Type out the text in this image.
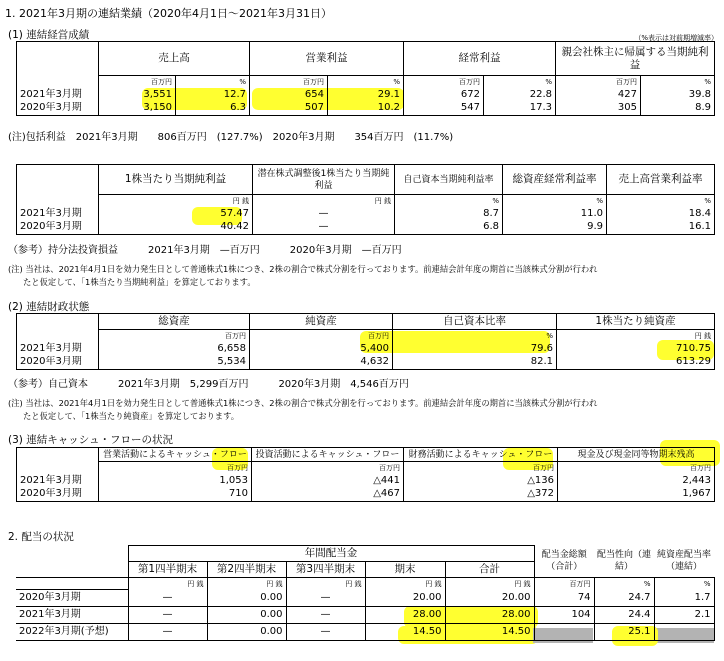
1. 2021年3月期の連結業績（2020年4月1日～2021年3月31日）
(1) 連結経営成績	（%表示は対前期増減率）
	売上高		営業利益		経常利益		親会社株主に帰属する当期純利益	
	百万円	%	百万円	%	百万円	%	百万円	%
2021年3月期	3,551	12.7	654	29.1	672	22.8	427	39.8
2020年3月期	3,150	6.3	507	10.2	547	17.3	305	8.9
(注)包括利益　2021年3月期　　806百万円　(127.7%)　2020年3月期　　354百万円　(11.7%)
	1株当たり当期純利益	潜在株式調整後1株当たり当期純利益	自己資本当期純利益率	総資産経常利益率	売上高営業利益率
	円 銭	円 銭	%	%	%
2021年3月期	57.47	—	8.7	11.0	18.4
2020年3月期	40.42	—	6.8	9.9	16.1
（参考）持分法投資損益　　　2021年3月期　—百万円　　　2020年3月期　—百万円
(注) 当社は、2021年4月1日を効力発生日として普通株式1株につき、2株の割合で株式分割を行っております。前連結会計年度の期首に当該株式分割が行われ
たと仮定して、「1株当たり当期純利益」を算定しております。
(2) 連結財政状態
	総資産	純資産	自己資本比率	1株当たり純資産
	百万円	百万円	%	円 銭
2021年3月期	6,658	5,400	79.6	710.75
2020年3月期	5,534	4,632	82.1	613.29
（参考）自己資本　　　2021年3月期　5,299百万円　　　2020年3月期　4,546百万円
(注) 当社は、2021年4月1日を効力発生日として普通株式1株につき、2株の割合で株式分割を行っております。前連結会計年度の期首に当該株式分割が行われ
たと仮定して、「1株当たり純資産」を算定しております。
(3) 連結キャッシュ・フローの状況
	営業活動によるキャッシュ・フロー	投資活動によるキャッシュ・フロー	財務活動によるキャッシュ・フロー	現金及び現金同等物期末残高
	百万円	百万円	百万円	百万円
2021年3月期	1,053	△441	△136	2,443
2020年3月期	710	△467	△372	1,967
2. 配当の状況
	年間配当金					配当金総額（合計）	配当性向（連結）	純資産配当率（連結）
	第1四半期末	第2四半期末	第3四半期末	期末	合計			
	円 銭	円 銭	円 銭	円 銭	円 銭	百万円	%	%
2020年3月期	—	0.00	—	20.00	20.00	74	24.7	1.7
2021年3月期	—	0.00	—	28.00	28.00	104	24.4	2.1
2022年3月期(予想)	—	0.00	—	14.50	14.50		25.1	
